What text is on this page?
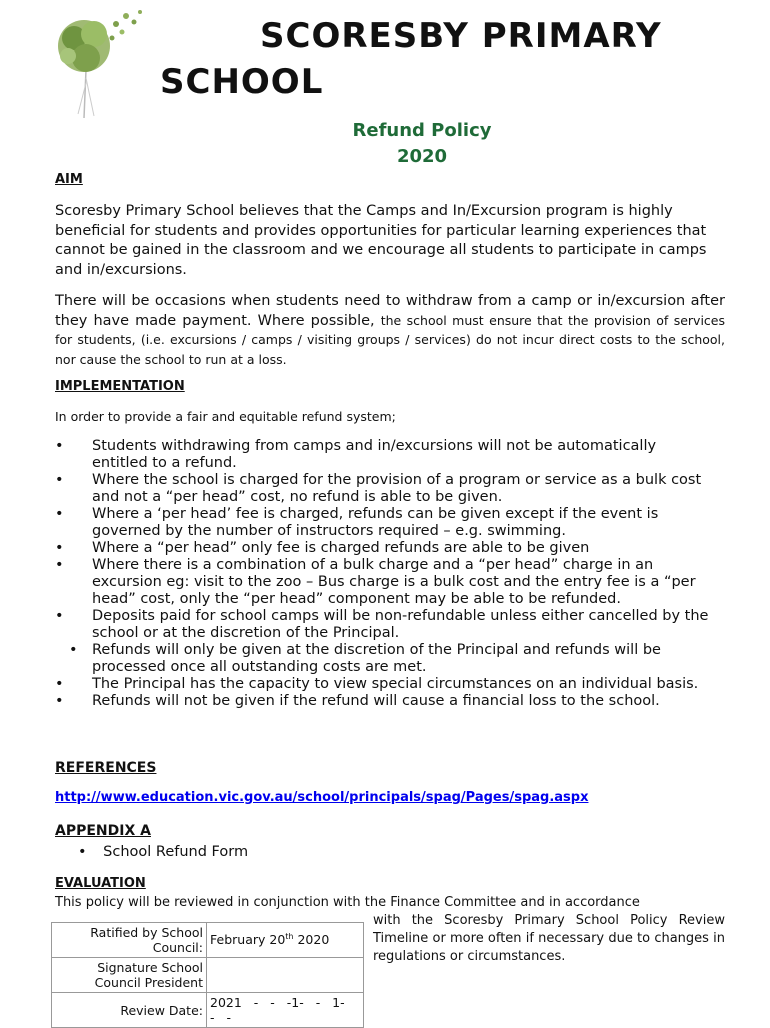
SCORESBY PRIMARY
SCHOOL
Refund Policy
2020
AIM
Scoresby Primary School believes that the Camps and In/Excursion program is highly beneficial for students and provides opportunities for particular learning experiences that cannot be gained in the classroom and we encourage all students to participate in camps and in/excursions.
There will be occasions when students need to withdraw from a camp or in/excursion after they have made payment. Where possible, the school must ensure that the provision of services for students, (i.e. excursions / camps / visiting groups / services) do not incur direct costs to the school, nor cause the school to run at a loss.
IMPLEMENTATION
In order to provide a fair and equitable refund system;
• Students withdrawing from camps and in/excursions will not be automatically entitled to a refund.
• Where the school is charged for the provision of a program or service as a bulk cost and not a “per head” cost, no refund is able to be given.
• Where a ‘per head’ fee is charged, refunds can be given except if the event is governed by the number of instructors required – e.g. swimming.
• Where a “per head” only fee is charged refunds are able to be given
• Where there is a combination of a bulk charge and a “per head” charge in an excursion eg: visit to the zoo – Bus charge is a bulk cost and the entry fee is a “per head” cost, only the “per head” component may be able to be refunded.
• Deposits paid for school camps will be non-refundable unless either cancelled by the school or at the discretion of the Principal.
• Refunds will only be given at the discretion of the Principal and refunds will be processed once all outstanding costs are met.
• The Principal has the capacity to view special circumstances on an individual basis.
• Refunds will not be given if the refund will cause a financial loss to the school.
REFERENCES
http://www.education.vic.gov.au/school/principals/spag/Pages/spag.aspx
APPENDIX A
• School Refund Form
EVALUATION
This policy will be reviewed in conjunction with the Finance Committee and in accordance
with the Scoresby Primary School Policy Review Timeline or more often if necessary due to changes in regulations or circumstances.
Ratified by School Council:	February 20th 2020
Signature School Council President	
Review Date:	2021 - - -1- - 1- - -
